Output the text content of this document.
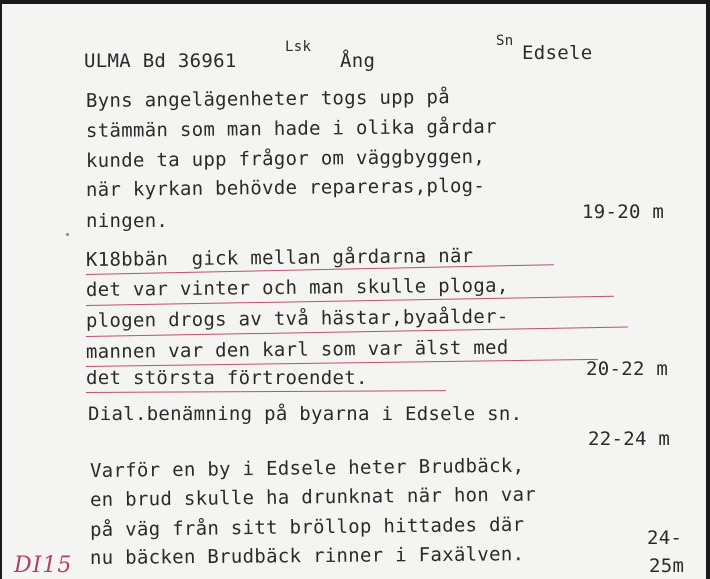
ULMA Bd 36961
Lsk
Ång
Sn
Edsele
Byns angelägenheter togs upp på
stämmän som man hade i olika gårdar
kunde ta upp frågor om väggbyggen,
när kyrkan behövde repareras,plog-
ningen.	19-20 m
K18bbän  gick mellan gårdarna när
det var vinter och man skulle ploga,
plogen drogs av två hästar,byaålder-
mannen var den karl som var älst med
det största förtroendet.	20-22 m
Dial.benämning på byarna i Edsele sn.
22-24 m
Varför en by i Edsele heter Brudbäck,
en brud skulle ha drunknat när hon var
på väg från sitt bröllop hittades där
nu bäcken Brudbäck rinner i Faxälven.
24-
25m
DI15
